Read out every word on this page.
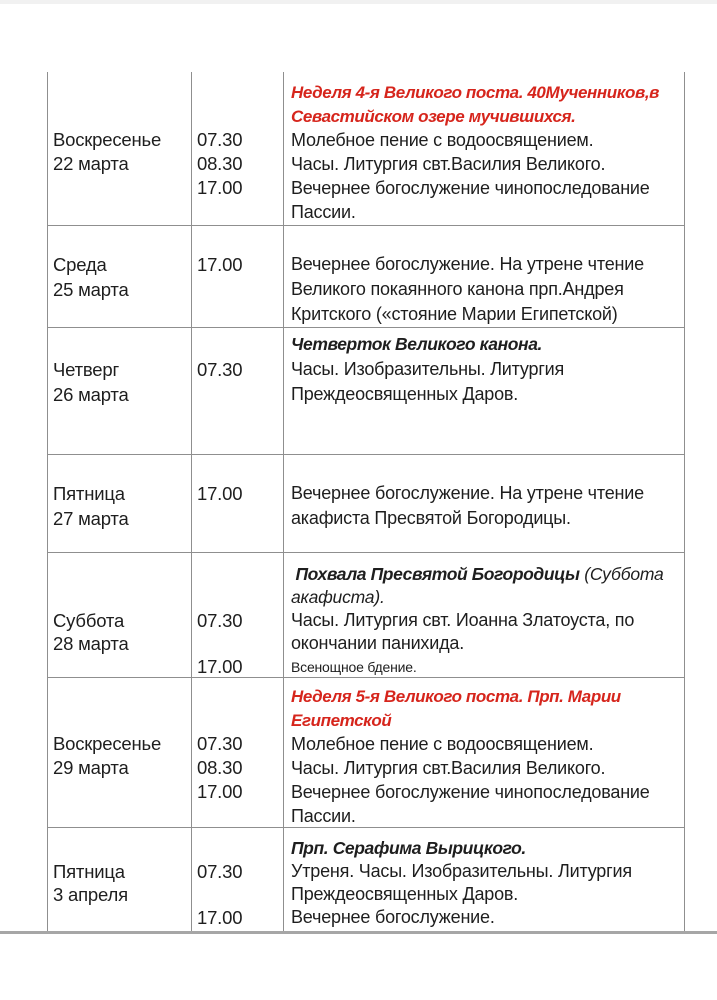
Воскресенье
22 марта
07.30
08.30
17.00
Неделя 4-я Великого поста. 40Мученников,в
Севастийском озере мучившихся.
Молебное пение с водоосвящением.
Часы. Литургия свт.Василия Великого.
Вечернее богослужение чинопоследование
Пассии.
Среда
25 марта
17.00	Вечернее богослужение. На утрене чтение
Великого покаянного канона прп.Андрея
Критского («стояние Марии Египетской)
Четверг
26 марта
07.30
Четверток Великого канона.
Часы. Изобразительны. Литургия
Преждеосвященных Даров.
Пятница
27 марта
17.00	Вечернее богослужение. На утрене чтение
акафиста Пресвятой Богородицы.
Суббота
28 марта
07.30
17.00
Похвала Пресвятой Богородицы (Суббота
акафиста).
Часы. Литургия свт. Иоанна Златоуста, по
окончании панихида.
Всенощное бдение.
Воскресенье
29 марта
07.30
08.30
17.00
Неделя 5-я Великого поста. Прп. Марии
Египетской
Молебное пение с водоосвящением.
Часы. Литургия свт.Василия Великого.
Вечернее богослужение чинопоследование
Пассии.
Пятница
3 апреля
07.30
17.00
Прп. Серафима Вырицкого.
Утреня. Часы. Изобразительны. Литургия
Преждеосвященных Даров.
Вечернее богослужение.
